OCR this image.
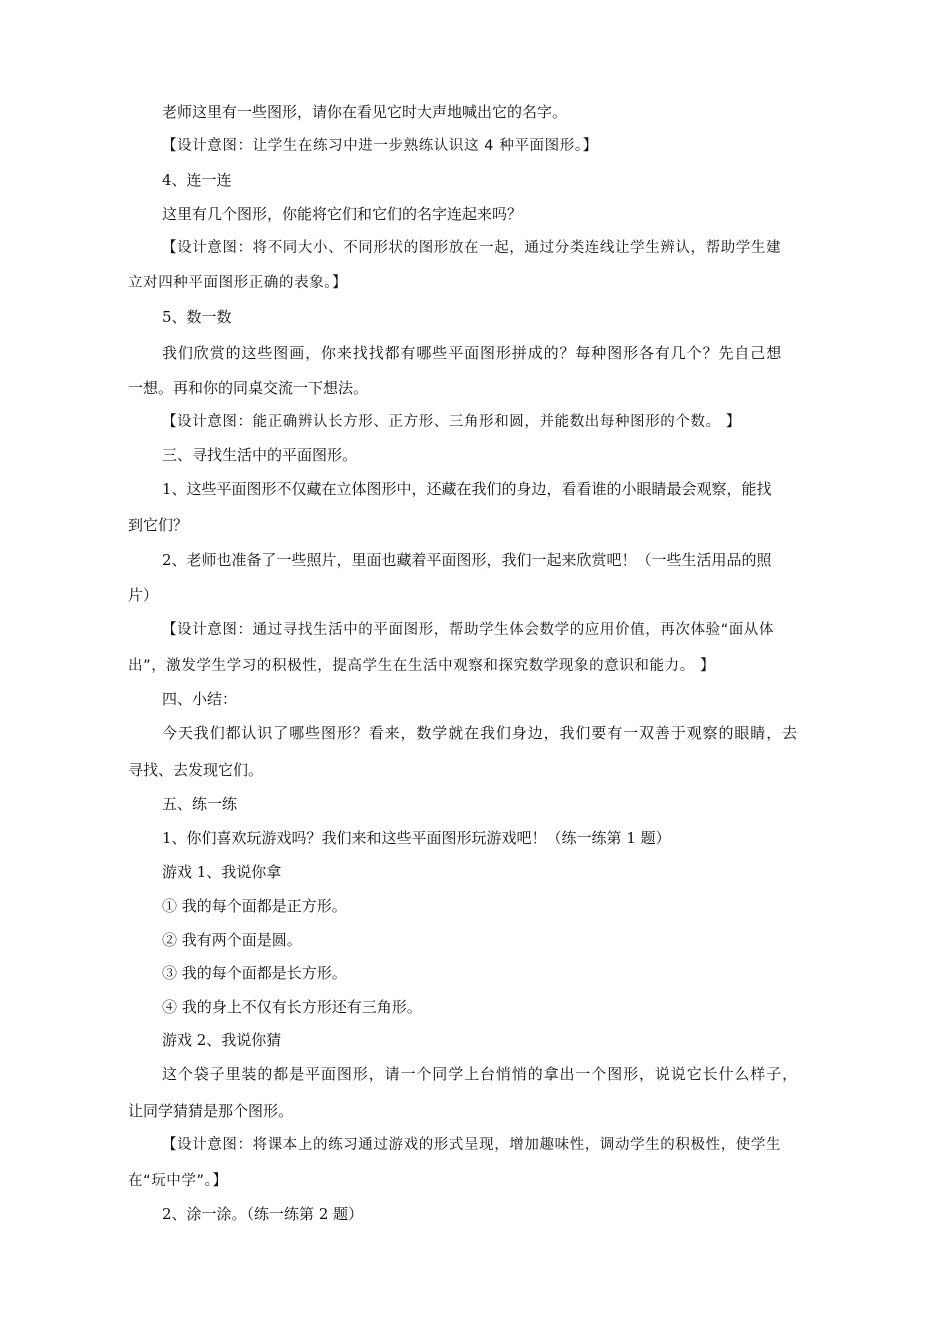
老师这里有一些图形，请你在看见它时大声地喊出它的名字。
【设计意图：让学生在练习中进一步熟练认识这 4 种平面图形。】
4、连一连
这里有几个图形，你能将它们和它们的名字连起来吗？
【设计意图：将不同大小、不同形状的图形放在一起，通过分类连线让学生辨认，帮助学生建
立对四种平面图形正确的表象。】
5、数一数
我们欣赏的这些图画，你来找找都有哪些平面图形拼成的？每种图形各有几个？先自己想
一想。再和你的同桌交流一下想法。
【设计意图：能正确辨认长方形、正方形、三角形和圆，并能数出每种图形的个数。 】
三、寻找生活中的平面图形。
1、这些平面图形不仅藏在立体图形中，还藏在我们的身边，看看谁的小眼睛最会观察，能找
到它们？
2、老师也准备了一些照片，里面也藏着平面图形，我们一起来欣赏吧！（一些生活用品的照
片）
【设计意图：通过寻找生活中的平面图形，帮助学生体会数学的应用价值，再次体验“面从体
出”，激发学生学习的积极性，提高学生在生活中观察和探究数学现象的意识和能力。 】
四、小结：
今天我们都认识了哪些图形？看来，数学就在我们身边，我们要有一双善于观察的眼睛，去
寻找、去发现它们。
五、练一练
1、你们喜欢玩游戏吗？我们来和这些平面图形玩游戏吧！（练一练第 1 题）
游戏 1、我说你拿
① 我的每个面都是正方形。
② 我有两个面是圆。
③ 我的每个面都是长方形。
④ 我的身上不仅有长方形还有三角形。
游戏 2、我说你猜
这个袋子里装的都是平面图形，请一个同学上台悄悄的拿出一个图形，说说它长什么样子，
让同学猜猜是那个图形。
【设计意图：将课本上的练习通过游戏的形式呈现，增加趣味性，调动学生的积极性，使学生
在“玩中学”。】
2、涂一涂。（练一练第 2 题）
